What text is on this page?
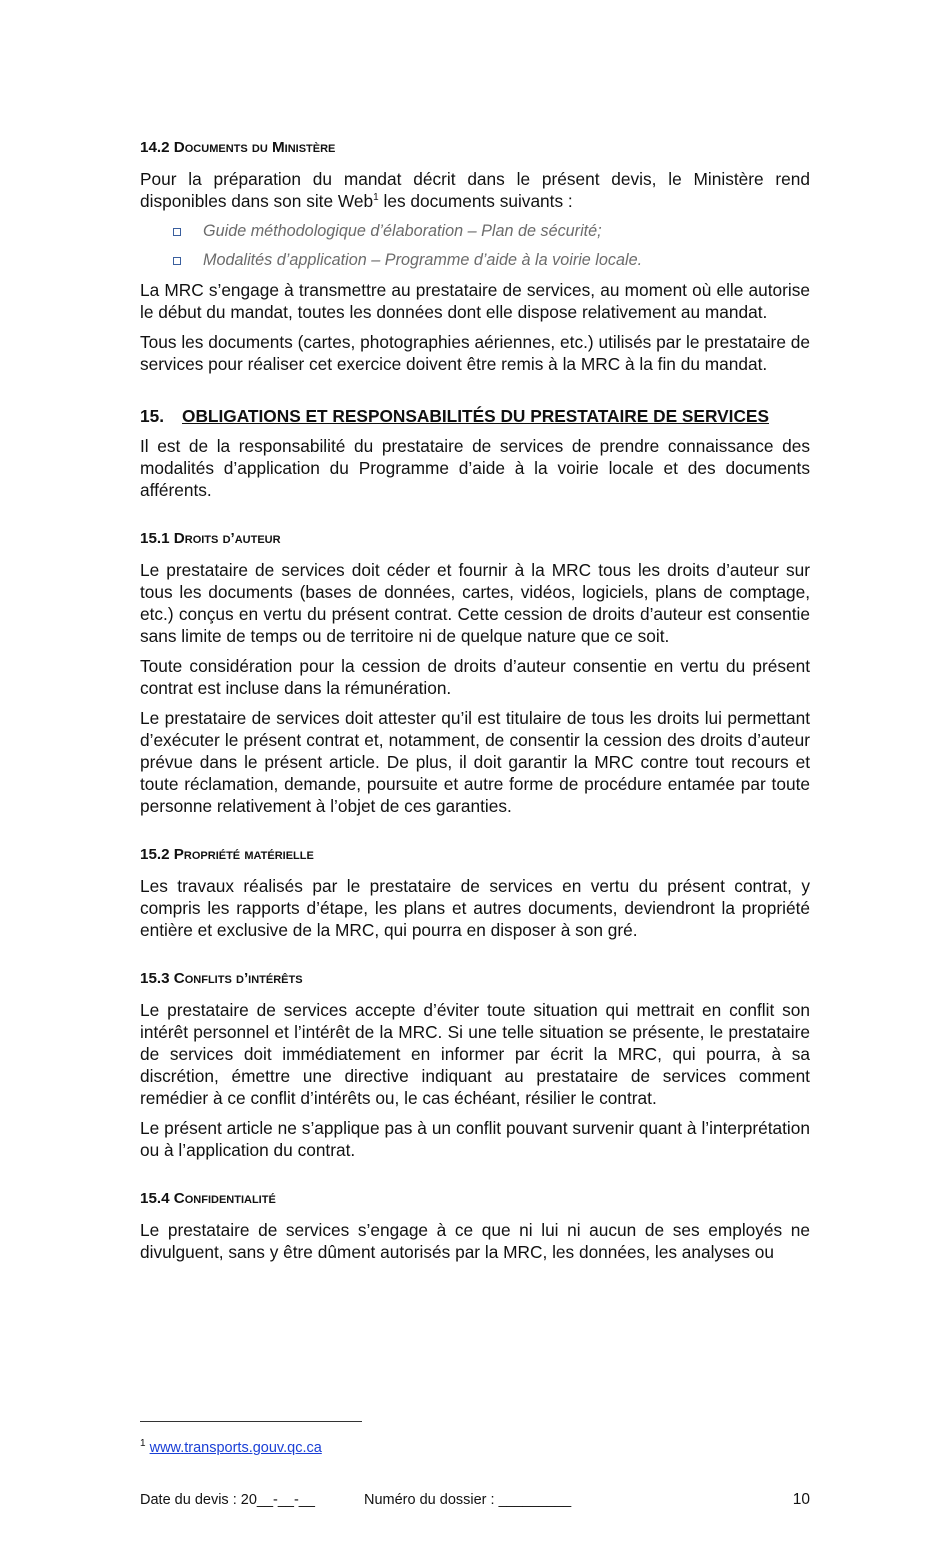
14.2 Documents du Ministère

Pour la préparation du mandat décrit dans le présent devis, le Ministère rend disponibles dans son site Web$^1$ les documents suivants :

Guide méthodologique d’élaboration – Plan de sécurité;
Modalités d’application – Programme d’aide à la voirie locale.

La MRC s’engage à transmettre au prestataire de services, au moment où elle autorise le début du mandat, toutes les données dont elle dispose relativement au mandat.

Tous les documents (cartes, photographies aériennes, etc.) utilisés par le prestataire de services pour réaliser cet exercice doivent être remis à la MRC à la fin du mandat.

15.	OBLIGATIONS ET RESPONSABILITÉS DU PRESTATAIRE DE SERVICES

Il est de la responsabilité du prestataire de services de prendre connaissance des modalités d’application du Programme d’aide à la voirie locale et des documents afférents.

15.1 Droits d’auteur

Le prestataire de services doit céder et fournir à la MRC tous les droits d’auteur sur tous les documents (bases de données, cartes, vidéos, logiciels, plans de comptage, etc.) conçus en vertu du présent contrat. Cette cession de droits d’auteur est consentie sans limite de temps ou de territoire ni de quelque nature que ce soit.

Toute considération pour la cession de droits d’auteur consentie en vertu du présent contrat est incluse dans la rémunération.

Le prestataire de services doit attester qu’il est titulaire de tous les droits lui permettant d’exécuter le présent contrat et, notamment, de consentir la cession des droits d’auteur prévue dans le présent article. De plus, il doit garantir la MRC contre tout recours et toute réclamation, demande, poursuite et autre forme de procédure entamée par toute personne relativement à l’objet de ces garanties.

15.2 Propriété matérielle

Les travaux réalisés par le prestataire de services en vertu du présent contrat, y compris les rapports d’étape, les plans et autres documents, deviendront la propriété entière et exclusive de la MRC, qui pourra en disposer à son gré.

15.3 Conflits d’intérêts

Le prestataire de services accepte d’éviter toute situation qui mettrait en conflit son intérêt personnel et l’intérêt de la MRC. Si une telle situation se présente, le prestataire de services doit immédiatement en informer par écrit la MRC, qui pourra, à sa discrétion, émettre une directive indiquant au prestataire de services comment remédier à ce conflit d’intérêts ou, le cas échéant, résilier le contrat.

Le présent article ne s’applique pas à un conflit pouvant survenir quant à l’interprétation ou à l’application du contrat.

15.4 Confidentialité

Le prestataire de services s’engage à ce que ni lui ni aucun de ses employés ne divulguent, sans y être dûment autorisés par la MRC, les données, les analyses ou

$^1$ www.transports.gouv.qc.ca
Date du devis : 20__-__-__	Numéro du dossier : _________	10
